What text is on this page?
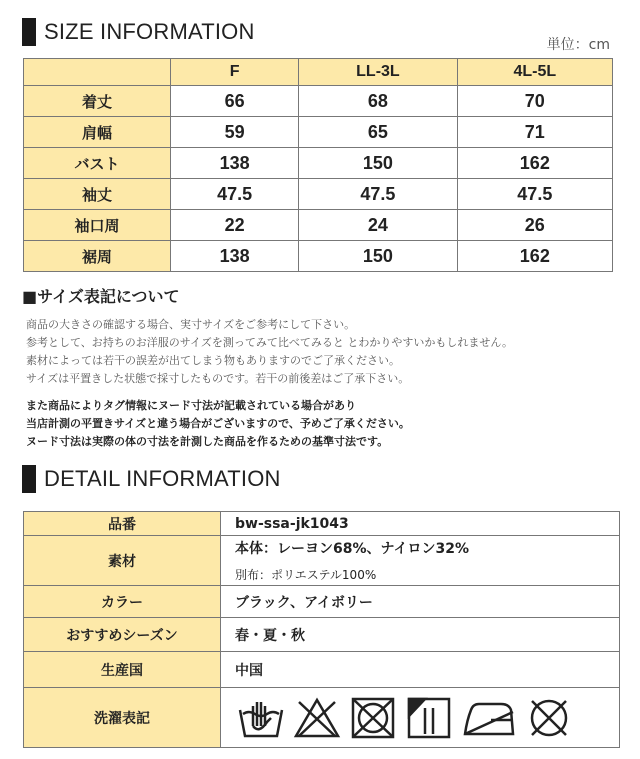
SIZE INFORMATION
単位：cm
	F	LL-3L	4L-5L
着丈	66	68	70
肩幅	59	65	71
バスト	138	150	162
袖丈	47.5	47.5	47.5
袖口周	22	24	26
裾周	138	150	162
■サイズ表記について
商品の大きさの確認する場合、実寸サイズをご参考にして下さい。
参考として、お持ちのお洋服のサイズを測ってみて比べてみると とわかりやすいかもしれません。
素材によっては若干の誤差が出てしまう物もありますのでご了承ください。
サイズは平置きした状態で採寸したものです。若干の前後差はご了承下さい。
また商品によりタグ情報にヌード寸法が記載されている場合があり
当店計測の平置きサイズと違う場合がございますので、予めご了承ください。
ヌード寸法は実際の体の寸法を計測した商品を作るための基準寸法です。
DETAIL INFORMATION
品番	bw-ssa-jk1043
素材	本体：レーヨン68%、ナイロン32%
別布：ポリエステル100%

カラー	ブラック、アイボリー
おすすめシーズン	春・夏・秋
生産国	中国
洗濯表記	
